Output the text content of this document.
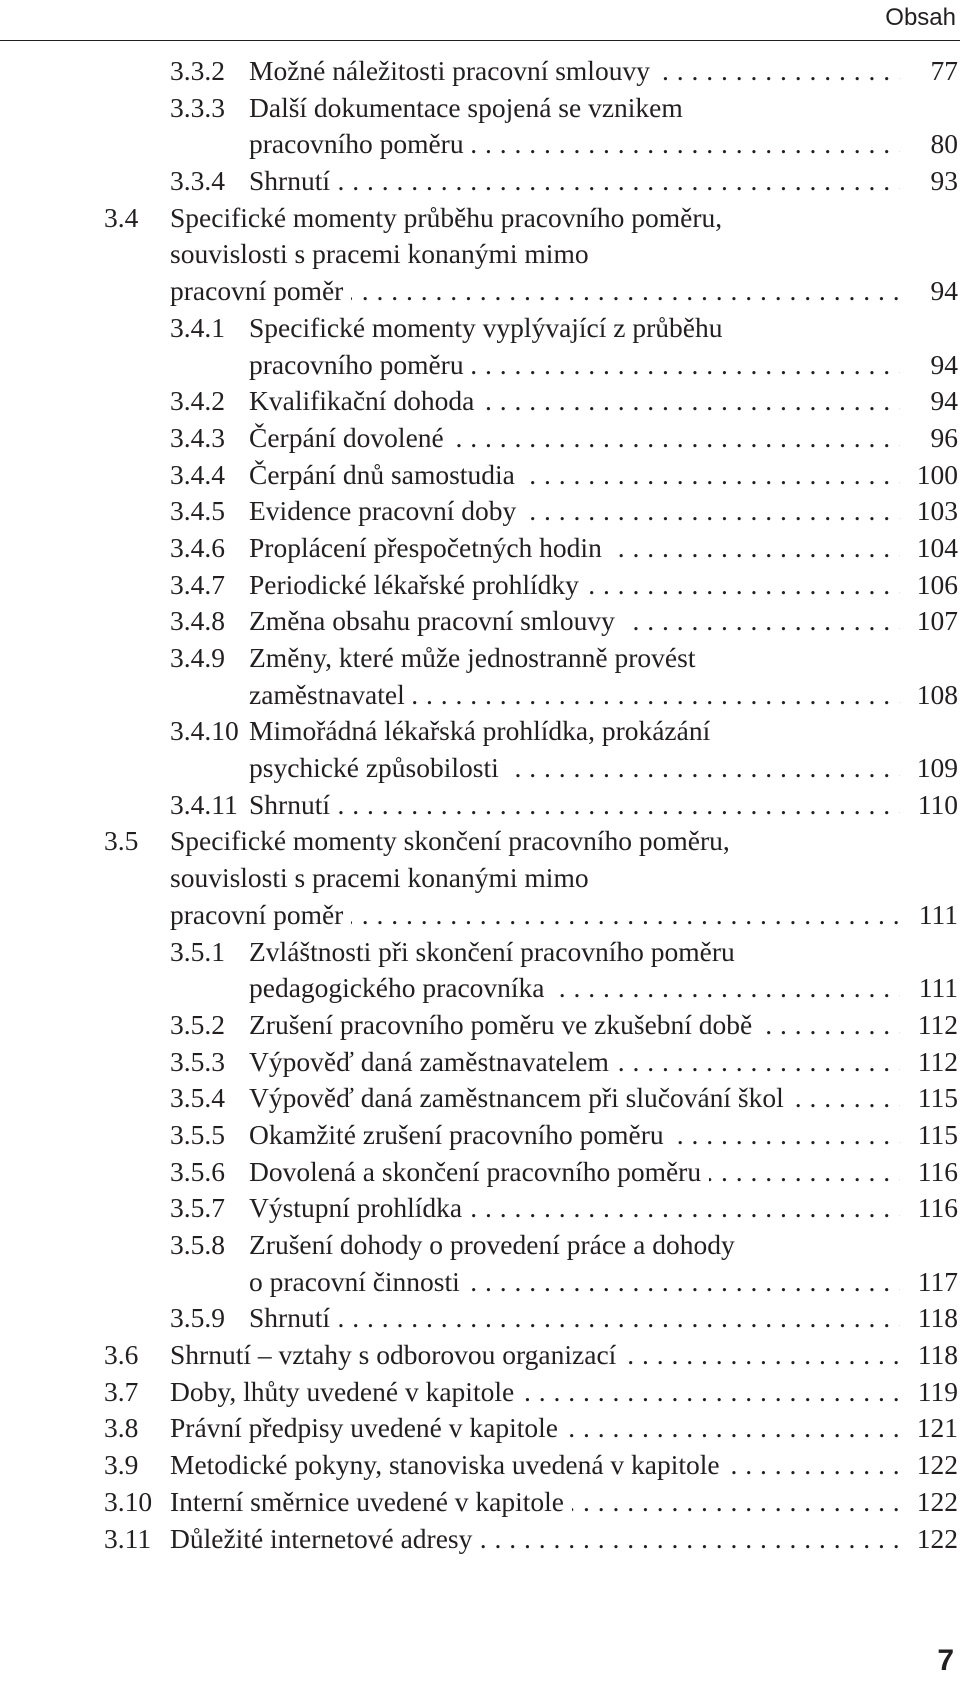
Obsah
3.3.2 . . . Možné náležitosti pracovní smlouvy	77
3.3.3 Další dokumentace spojená se vznikem
. . . pracovního poměru	80
3.3.4 . . . Shrnutí	93
3.4 Specifické momenty průběhu pracovního poměru,
souvislosti s pracemi konanými mimo
. . . pracovní poměr	94
3.4.1 Specifické momenty vyplývající z průběhu
. . . pracovního poměru	94
3.4.2 . . . Kvalifikační dohoda	94
3.4.3 . . . Čerpání dovolené	96
3.4.4 . . . Čerpání dnů samostudia	100
3.4.5 . . . Evidence pracovní doby	103
3.4.6 . . . Proplácení přespočetných hodin	104
3.4.7 . . . Periodické lékařské prohlídky	106
3.4.8 . . . Změna obsahu pracovní smlouvy	107
3.4.9 Změny, které může jednostranně provést
. . . zaměstnavatel	108
3.4.10 Mimořádná lékařská prohlídka, prokázání
. . . psychické způsobilosti	109
3.4.11 . . . Shrnutí	110
3.5 Specifické momenty skončení pracovního poměru,
souvislosti s pracemi konanými mimo
. . . pracovní poměr	111
3.5.1 Zvláštnosti při skončení pracovního poměru
. . . pedagogického pracovníka	111
3.5.2 . . . Zrušení pracovního poměru ve zkušební době	112
3.5.3 . . . Výpověď daná zaměstnavatelem	112
3.5.4 . . . Výpověď daná zaměstnancem při slučování škol	115
3.5.5 . . . Okamžité zrušení pracovního poměru	115
3.5.6 . . . Dovolená a skončení pracovního poměru	116
3.5.7 . . . Výstupní prohlídka	116
3.5.8 Zrušení dohody o provedení práce a dohody
. . . o pracovní činnosti	117
3.5.9 . . . Shrnutí	118
3.6 . . . Shrnutí – vztahy s odborovou organizací	118
3.7 . . . Doby, lhůty uvedené v kapitole	119
3.8 . . . Právní předpisy uvedené v kapitole	121
3.9 . . . Metodické pokyny, stanoviska uvedená v kapitole	122
3.10 . . . Interní směrnice uvedené v kapitole	122
3.11 . . . Důležité internetové adresy	122
7
